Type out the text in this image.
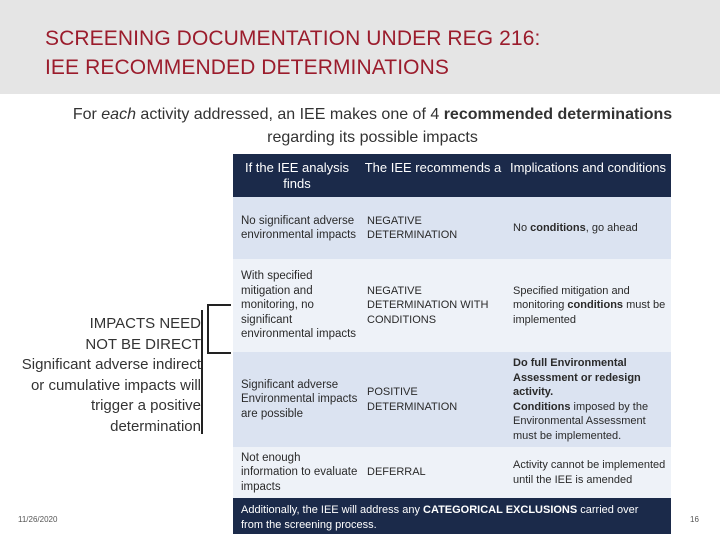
SCREENING DOCUMENTATION UNDER REG 216:
IEE RECOMMENDED DETERMINATIONS
For each activity addressed, an IEE makes one of 4 recommended determinations regarding its possible impacts
If the IEE analysis finds
The IEE recommends a Implications and conditions
No significant adverse environmental impacts
NEGATIVE DETERMINATION
No conditions, go ahead
With specified mitigation and monitoring, no significant environmental impacts
NEGATIVE DETERMINATION WITH CONDITIONS
Specified mitigation and monitoring conditions must be implemented
Significant adverse Environmental impacts are possible
POSITIVE DETERMINATION
Do full Environmental Assessment or redesign activity.
Conditions imposed by the Environmental Assessment must be implemented.
Not enough information to evaluate impacts
DEFERRAL
Activity cannot be implemented until the IEE is amended
Additionally, the IEE will address any CATEGORICAL EXCLUSIONS carried over from the screening process.
IMPACTS NEED
NOT BE DIRECT
Significant adverse indirect or cumulative impacts will trigger a positive determination
11/26/2020	16
